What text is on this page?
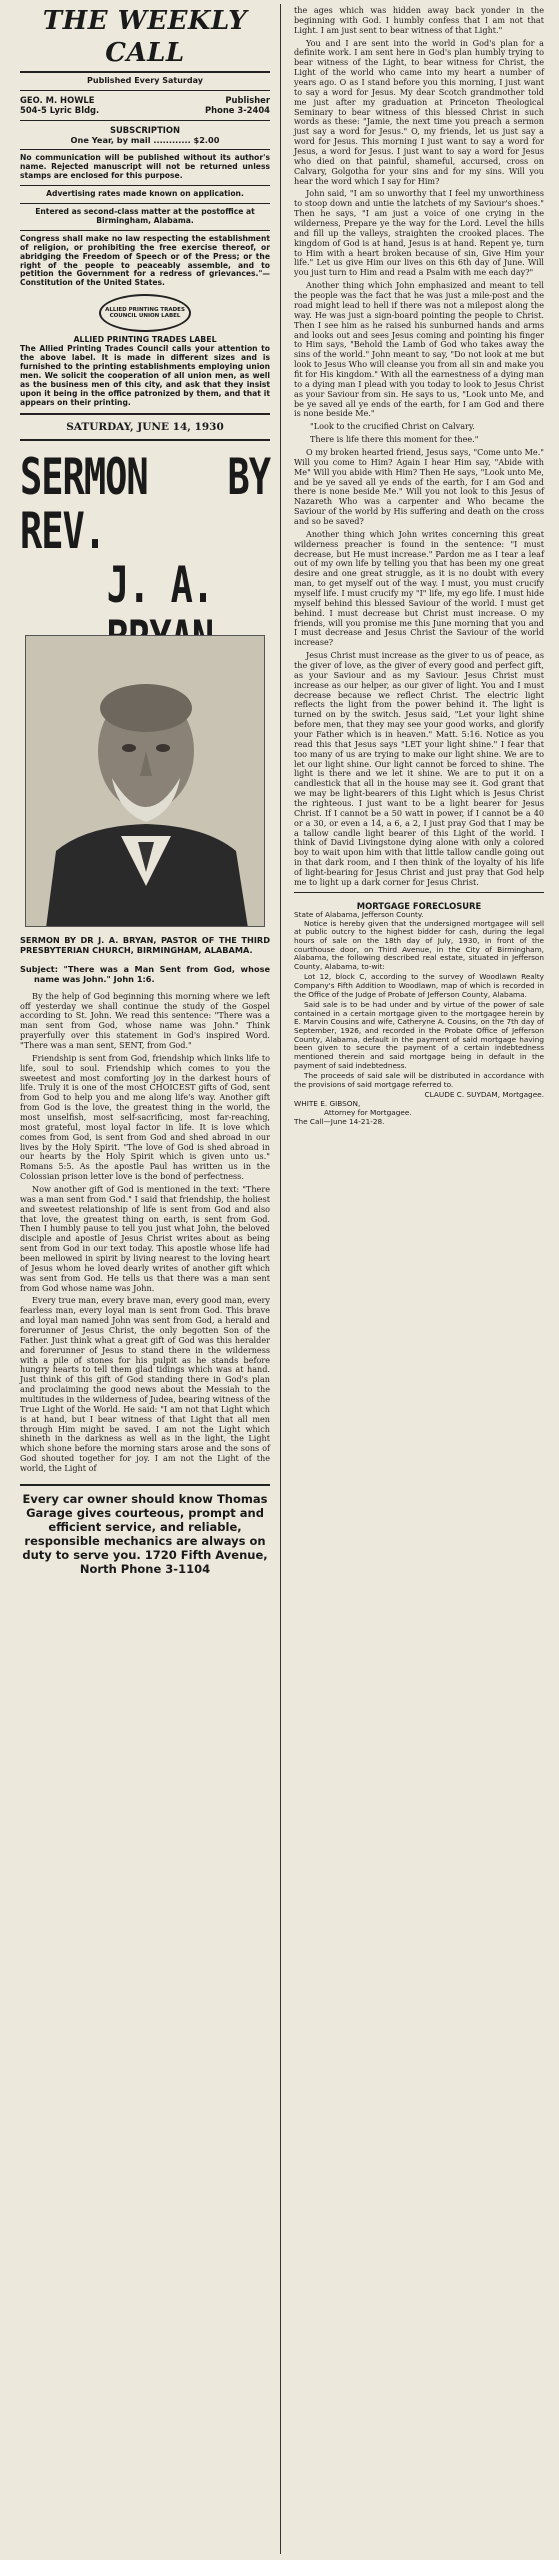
THE WEEKLY CALL
Published Every Saturday
GEO. M. HOWLE	Publisher
504-5 Lyric Bldg.	Phone 3-2404
SUBSCRIPTION
One Year, by mail ............ $2.00
No communication will be published without its author's name. Rejected manuscript will not be returned unless stamps are enclosed for this purpose.
Advertising rates made known on application.
Entered as second-class matter at the postoffice at Birmingham, Alabama.
Congress shall make no law respecting the establishment of religion, or prohibiting the free exercise thereof, or abridging the Freedom of Speech or of the Press; or the right of the people to peaceably assemble, and to petition the Government for a redress of grievances."—Constitution of the United States.
ALLIED PRINTING TRADES COUNCIL UNION LABEL
ALLIED PRINTING TRADES LABEL
The Allied Printing Trades Council calls your attention to the above label. It is made in different sizes and is furnished to the printing establishments employing union men. We solicit the cooperation of all union men, as well as the business men of this city, and ask that they insist upon it being in the office patronized by them, and that it appears on their printing.
SATURDAY, JUNE 14, 1930
SERMON BY REV.
J. A.
SERMON BY DR J. A. BRYAN, PASTOR OF THE THIRD PRESBYTERIAN CHURCH, BIRMINGHAM, ALABAMA.
Subject: "There was a Man Sent from God, whose name was John." John 1:6.

By the help of God beginning this morning where we left off yesterday we shall continue the study of the Gospel according to St. John. We read this sentence: "There was a man sent from God, whose name was John." Think prayerfully over this statement in God's inspired Word. "There was a man sent, SENT, from God."

Friendship is sent from God, friendship which links life to life, soul to soul. Friendship which comes to you the sweetest and most comforting joy in the darkest hours of life. Truly it is one of the most CHOICEST gifts of God, sent from God to help you and me along life's way. Another gift from God is the love, the greatest thing in the world, the most unselfish, most self-sacrificing, most far-reaching, most grateful, most loyal factor in life. It is love which comes from God, is sent from God and shed abroad in our lives by the Holy Spirit. "The love of God is shed abroad in our hearts by the Holy Spirit which is given unto us." Romans 5:5. As the apostle Paul has written us in the Colossian prison letter love is the bond of perfectness.

Now another gift of God is mentioned in the text: "There was a man sent from God." I said that friendship, the holiest and sweetest relationship of life is sent from God and also that love, the greatest thing on earth, is sent from God. Then I humbly pause to tell you just what John, the beloved disciple and apostle of Jesus Christ writes about as being sent from God in our text today. This apostle whose life had been mellowed in spirit by living nearest to the loving heart of Jesus whom he loved dearly writes of another gift which was sent from God. He tells us that there was a man sent from God whose name was John.

Every true man, every brave man, every good man, every fearless man, every loyal man is sent from God. This brave and loyal man named John was sent from God, a herald and forerunner of Jesus Christ, the only begotten Son of the Father. Just think what a great gift of God was this heralder and forerunner of Jesus to stand there in the wilderness with a pile of stones for his pulpit as he stands before hungry hearts to tell them glad tidings which was at hand. Just think of this gift of God standing there in God's plan and proclaiming the good news about the Messiah to the multitudes in the wilderness of Judea, bearing witness of the True Light of the World. He said: "I am not that Light which is at hand, but I bear witness of that Light that all men through Him might be saved. I am not the Light which shineth in the darkness as well as in the light, the Light which shone before the morning stars arose and the sons of God shouted together for joy. I am not the Light of the world, the Light of

Every car owner should know Thomas Garage gives courteous, prompt and efficient service, and reliable, responsible mechanics are always on duty to serve you. 1720 Fifth Avenue, North Phone 3-1104

the ages which was hidden away back yonder in the beginning with God. I humbly confess that I am not that Light. I am just sent to bear witness of that Light."

You and I are sent into the world in God's plan for a definite work. I am sent here in God's plan humbly trying to bear witness of the Light, to bear witness for Christ, the Light of the world who came into my heart a number of years ago. O as I stand before you this morning, I just want to say a word for Jesus. My dear Scotch grandmother told me just after my graduation at Princeton Theological Seminary to bear witness of this blessed Christ in such words as these: "Jamie, the next time you preach a sermon just say a word for Jesus." O, my friends, let us just say a word for Jesus. This morning I just want to say a word for Jesus, a word for Jesus. I just want to say a word for Jesus who died on that painful, shameful, accursed, cross on Calvary, Golgotha for your sins and for my sins. Will you hear the word which I say for Him?

John said, "I am so unworthy that I feel my unworthiness to stoop down and untie the latchets of my Saviour's shoes." Then he says, "I am just a voice of one crying in the wilderness, Prepare ye the way for the Lord. Level the hills and fill up the valleys, straighten the crooked places. The kingdom of God is at hand, Jesus is at hand. Repent ye, turn to Him with a heart broken because of sin, Give Him your life." Let us give Him our lives on this 6th day of June. Will you just turn to Him and read a Psalm with me each day?"

Another thing which John emphasized and meant to tell the people was the fact that he was just a mile-post and the road might lead to hell if there was not a milepost along the way. He was just a sign-board pointing the people to Christ. Then I see him as he raised his sunburned hands and arms and looks out and sees Jesus coming and pointing his finger to Him says, "Behold the Lamb of God who takes away the sins of the world." John meant to say, "Do not look at me but look to Jesus Who will cleanse you from all sin and make you fit for His kingdom." With all the earnestness of a dying man to a dying man I plead with you today to look to Jesus Christ as your Saviour from sin. He says to us, "Look unto Me, and be ye saved all ye ends of the earth, for I am God and there is none beside Me."

"Look to the crucified Christ on Calvary.

There is life there this moment for thee."

O my broken hearted friend, Jesus says, "Come unto Me." Will you come to Him? Again I hear Him say, "Abide with Me" Will you abide with Him? Then He says, "Look unto Me, and be ye saved all ye ends of the earth, for I am God and there is none beside Me." Will you not look to this Jesus of Nazareth Who was a carpenter and Who became the Saviour of the world by His suffering and death on the cross and so be saved?

Another thing which John writes concerning this great wilderness preacher is found in the sentence: "I must decrease, but He must increase." Pardon me as I tear a leaf out of my own life by telling you that has been my one great desire and one great struggle, as it is no doubt with every man, to get myself out of the way. I must, you must crucify myself life. I must crucify my "I" life, my ego life. I must hide myself behind this blessed Saviour of the world. I must get behind. I must decrease but Christ must increase. O my friends, will you promise me this June morning that you and I must decrease and Jesus Christ the Saviour of the world increase?

Jesus Christ must increase as the giver to us of peace, as the giver of love, as the giver of every good and perfect gift, as your Saviour and as my Saviour. Jesus Christ must increase as our helper, as our giver of light. You and I must decrease because we reflect Christ. The electric light reflects the light from the power behind it. The light is turned on by the switch. Jesus said, "Let your light shine before men, that they may see your good works, and glorify your Father which is in heaven." Matt. 5:16. Notice as you read this that Jesus says "LET your light shine." I fear that too many of us are trying to make our light shine. We are to let our light shine. Our light cannot be forced to shine. The light is there and we let it shine. We are to put it on a candlestick that all in the house may see it. God grant that we may be light-bearers of this Light which is Jesus Christ the righteous. I just want to be a light bearer for Jesus Christ. If I cannot be a 50 watt in power, if I cannot be a 40 or a 30, or even a 14, a 6, a 2, I just pray God that I may be a tallow candle light bearer of this Light of the world. I think of David Livingstone dying alone with only a colored boy to wait upon him with that little tallow candle going out in that dark room, and I then think of the loyalty of his life of light-bearing for Jesus Christ and just pray that God help me to light up a dark corner for Jesus Christ.

MORTGAGE FORECLOSURE
State of Alabama, Jefferson County.

Notice is hereby given that the undersigned mortgagee will sell at public outcry to the highest bidder for cash, during the legal hours of sale on the 18th day of July, 1930, in front of the courthouse door, on Third Avenue, in the City of Birmingham, Alabama, the following described real estate, situated in Jefferson County, Alabama, to-wit:

Lot 12, block C, according to the survey of Woodlawn Realty Company's Fifth Addition to Woodlawn, map of which is recorded in the Office of the Judge of Probate of Jefferson County, Alabama.

Said sale is to be had under and by virtue of the power of sale contained in a certain mortgage given to the mortgagee herein by E. Marvin Cousins and wife, Catheryne A. Cousins, on the 7th day of September, 1926, and recorded in the Probate Office of Jefferson County, Alabama, default in the payment of said mortgage having been given to secure the payment of a certain indebtedness mentioned therein and said mortgage being in default in the payment of said indebtedness.

The proceeds of said sale will be distributed in accordance with the provisions of said mortgage referred to.

CLAUDE C. SUYDAM, Mortgagee.
WHITE E. GIBSON,
Attorney for Mortgagee.
The Call—June 14-21-28.
